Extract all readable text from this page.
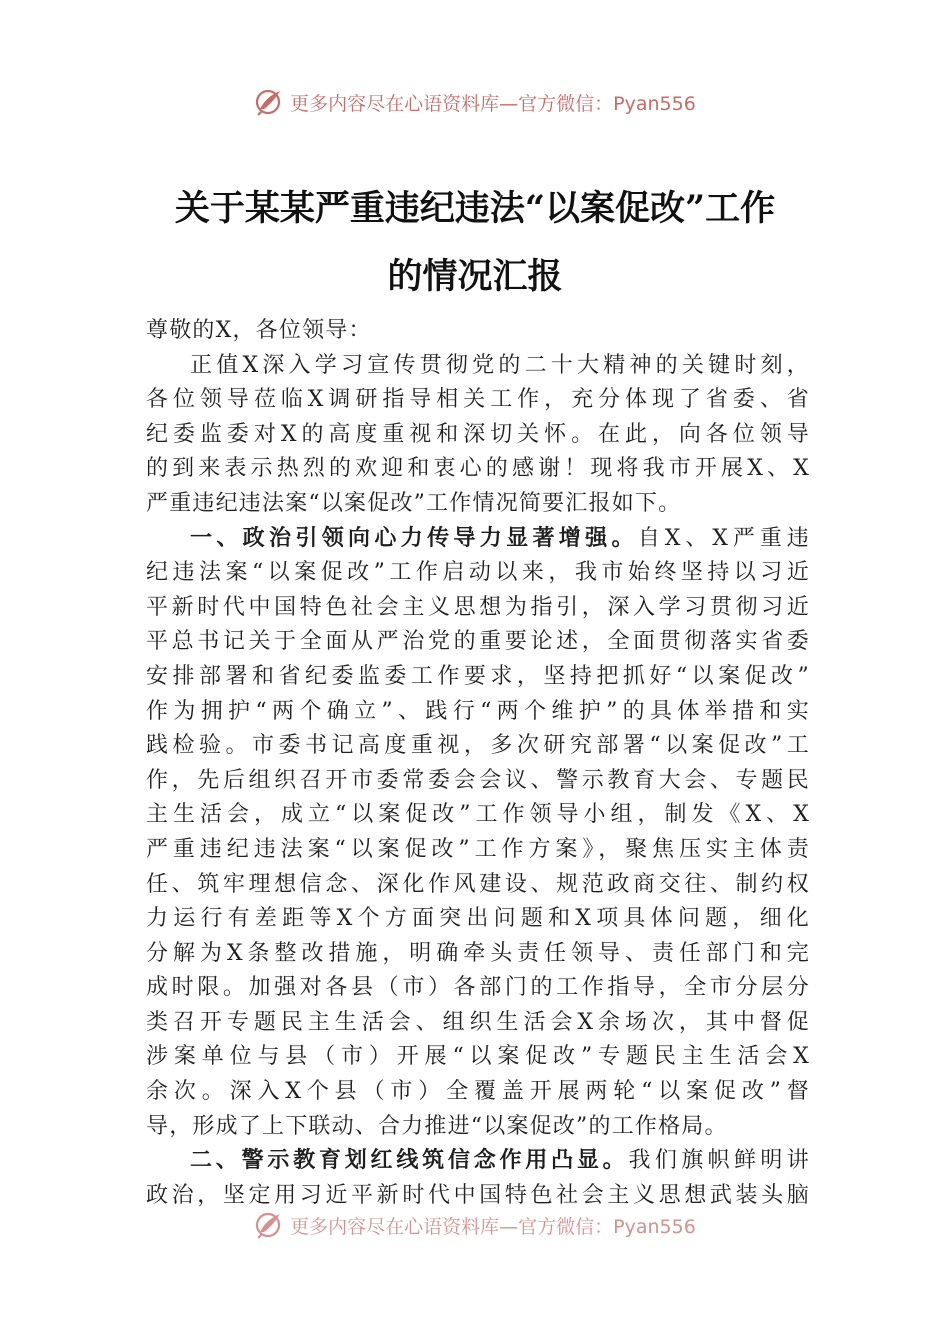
更多内容尽在心语资料库—官方微信：Pyan556
关于某某严重违纪违法“以案促改”工作
的情况汇报
尊敬的X，各位领导：
正值X深入学习宣传贯彻党的二十大精神的关键时刻，
各位领导莅临X调研指导相关工作，充分体现了省委、省
纪委监委对X的高度重视和深切关怀。在此，向各位领导
的到来表示热烈的欢迎和衷心的感谢！现将我市开展X、X
严重违纪违法案“以案促改”工作情况简要汇报如下。
一、政治引领向心力传导力显著增强。自X、X严重违
纪违法案“以案促改”工作启动以来，我市始终坚持以习近
平新时代中国特色社会主义思想为指引，深入学习贯彻习近
平总书记关于全面从严治党的重要论述，全面贯彻落实省委
安排部署和省纪委监委工作要求，坚持把抓好“以案促改”
作为拥护“两个确立”、践行“两个维护”的具体举措和实
践检验。市委书记高度重视，多次研究部署“以案促改”工
作，先后组织召开市委常委会会议、警示教育大会、专题民
主生活会，成立“以案促改”工作领导小组，制发《X、X
严重违纪违法案“以案促改”工作方案》，聚焦压实主体责
任、筑牢理想信念、深化作风建设、规范政商交往、制约权
力运行有差距等X个方面突出问题和X项具体问题，细化
分解为X条整改措施，明确牵头责任领导、责任部门和完
成时限。加强对各县（市）各部门的工作指导，全市分层分
类召开专题民主生活会、组织生活会X余场次，其中督促
涉案单位与县（市）开展“以案促改”专题民主生活会X
余次。深入X个县（市）全覆盖开展两轮“以案促改”督
导，形成了上下联动、合力推进“以案促改”的工作格局。
二、警示教育划红线筑信念作用凸显。我们旗帜鲜明讲
政治，坚定用习近平新时代中国特色社会主义思想武装头脑
更多内容尽在心语资料库—官方微信：Pyan556
